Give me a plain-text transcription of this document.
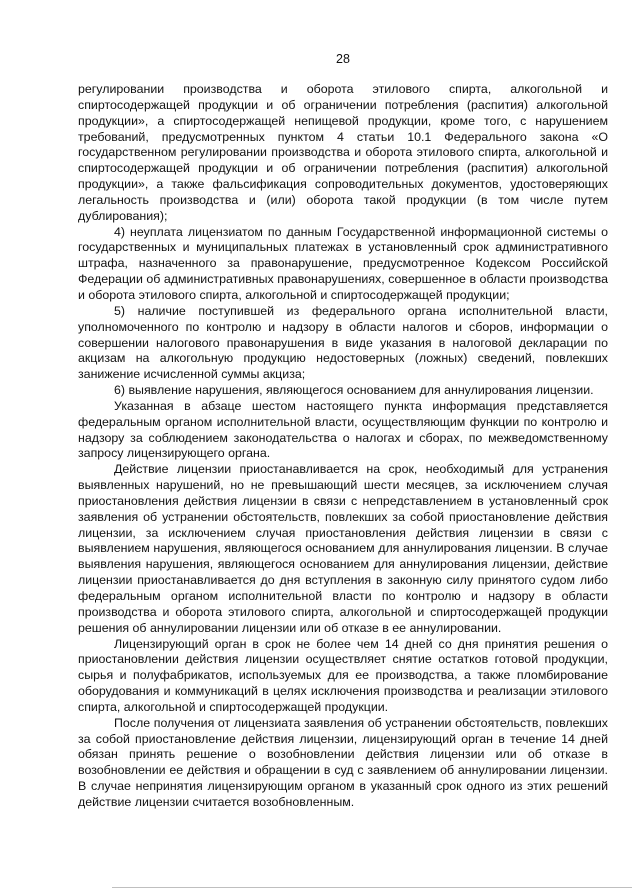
28

регулировании производства и оборота этилового спирта, алкогольной и спиртосодержащей продукции и об ограничении потребления (распития) алкогольной продукции», а спиртосодержащей непищевой продукции, кроме того, с нарушением требований, предусмотренных пунктом 4 статьи 10.1 Федерального закона «О государственном регулировании производства и оборота этилового спирта, алкогольной и спиртосодержащей продукции и об ограничении потребления (распития) алкогольной продукции», а также фальсификация сопроводительных документов, удостоверяющих легальность производства и (или) оборота такой продукции (в том числе путем дублирования);

4) неуплата лицензиатом по данным Государственной информационной системы о государственных и муниципальных платежах в установленный срок административного штрафа, назначенного за правонарушение, предусмотренное Кодексом Российской Федерации об административных правонарушениях, совершенное в области производства и оборота этилового спирта, алкогольной и спиртосодержащей продукции;

5) наличие поступившей из федерального органа исполнительной власти, уполномоченного по контролю и надзору в области налогов и сборов, информации о совершении налогового правонарушения в виде указания в налоговой декларации по акцизам на алкогольную продукцию недостоверных (ложных) сведений, повлекших занижение исчисленной суммы акциза;

6) выявление нарушения, являющегося основанием для аннулирования лицензии.

Указанная в абзаце шестом настоящего пункта информация представляется федеральным органом исполнительной власти, осуществляющим функции по контролю и надзору за соблюдением законодательства о налогах и сборах, по межведомственному запросу лицензирующего органа.

Действие лицензии приостанавливается на срок, необходимый для устранения выявленных нарушений, но не превышающий шести месяцев, за исключением случая приостановления действия лицензии в связи с непредставлением в установленный срок заявления об устранении обстоятельств, повлекших за собой приостановление действия лицензии, за исключением случая приостановления действия лицензии в связи с выявлением нарушения, являющегося основанием для аннулирования лицензии. В случае выявления нарушения, являющегося основанием для аннулирования лицензии, действие лицензии приостанавливается до дня вступления в законную силу принятого судом либо федеральным органом исполнительной власти по контролю и надзору в области производства и оборота этилового спирта, алкогольной и спиртосодержащей продукции решения об аннулировании лицензии или об отказе в ее аннулировании.

Лицензирующий орган в срок не более чем 14 дней со дня принятия решения о приостановлении действия лицензии осуществляет снятие остатков готовой продукции, сырья и полуфабрикатов, используемых для ее производства, а также пломбирование оборудования и коммуникаций в целях исключения производства и реализации этилового спирта, алкогольной и спиртосодержащей продукции.

После получения от лицензиата заявления об устранении обстоятельств, повлекших за собой приостановление действия лицензии, лицензирующий орган в течение 14 дней обязан принять решение о возобновлении действия лицензии или об отказе в возобновлении ее действия и обращении в суд с заявлением об аннулировании лицензии. В случае непринятия лицензирующим органом в указанный срок одного из этих решений действие лицензии считается возобновленным.
